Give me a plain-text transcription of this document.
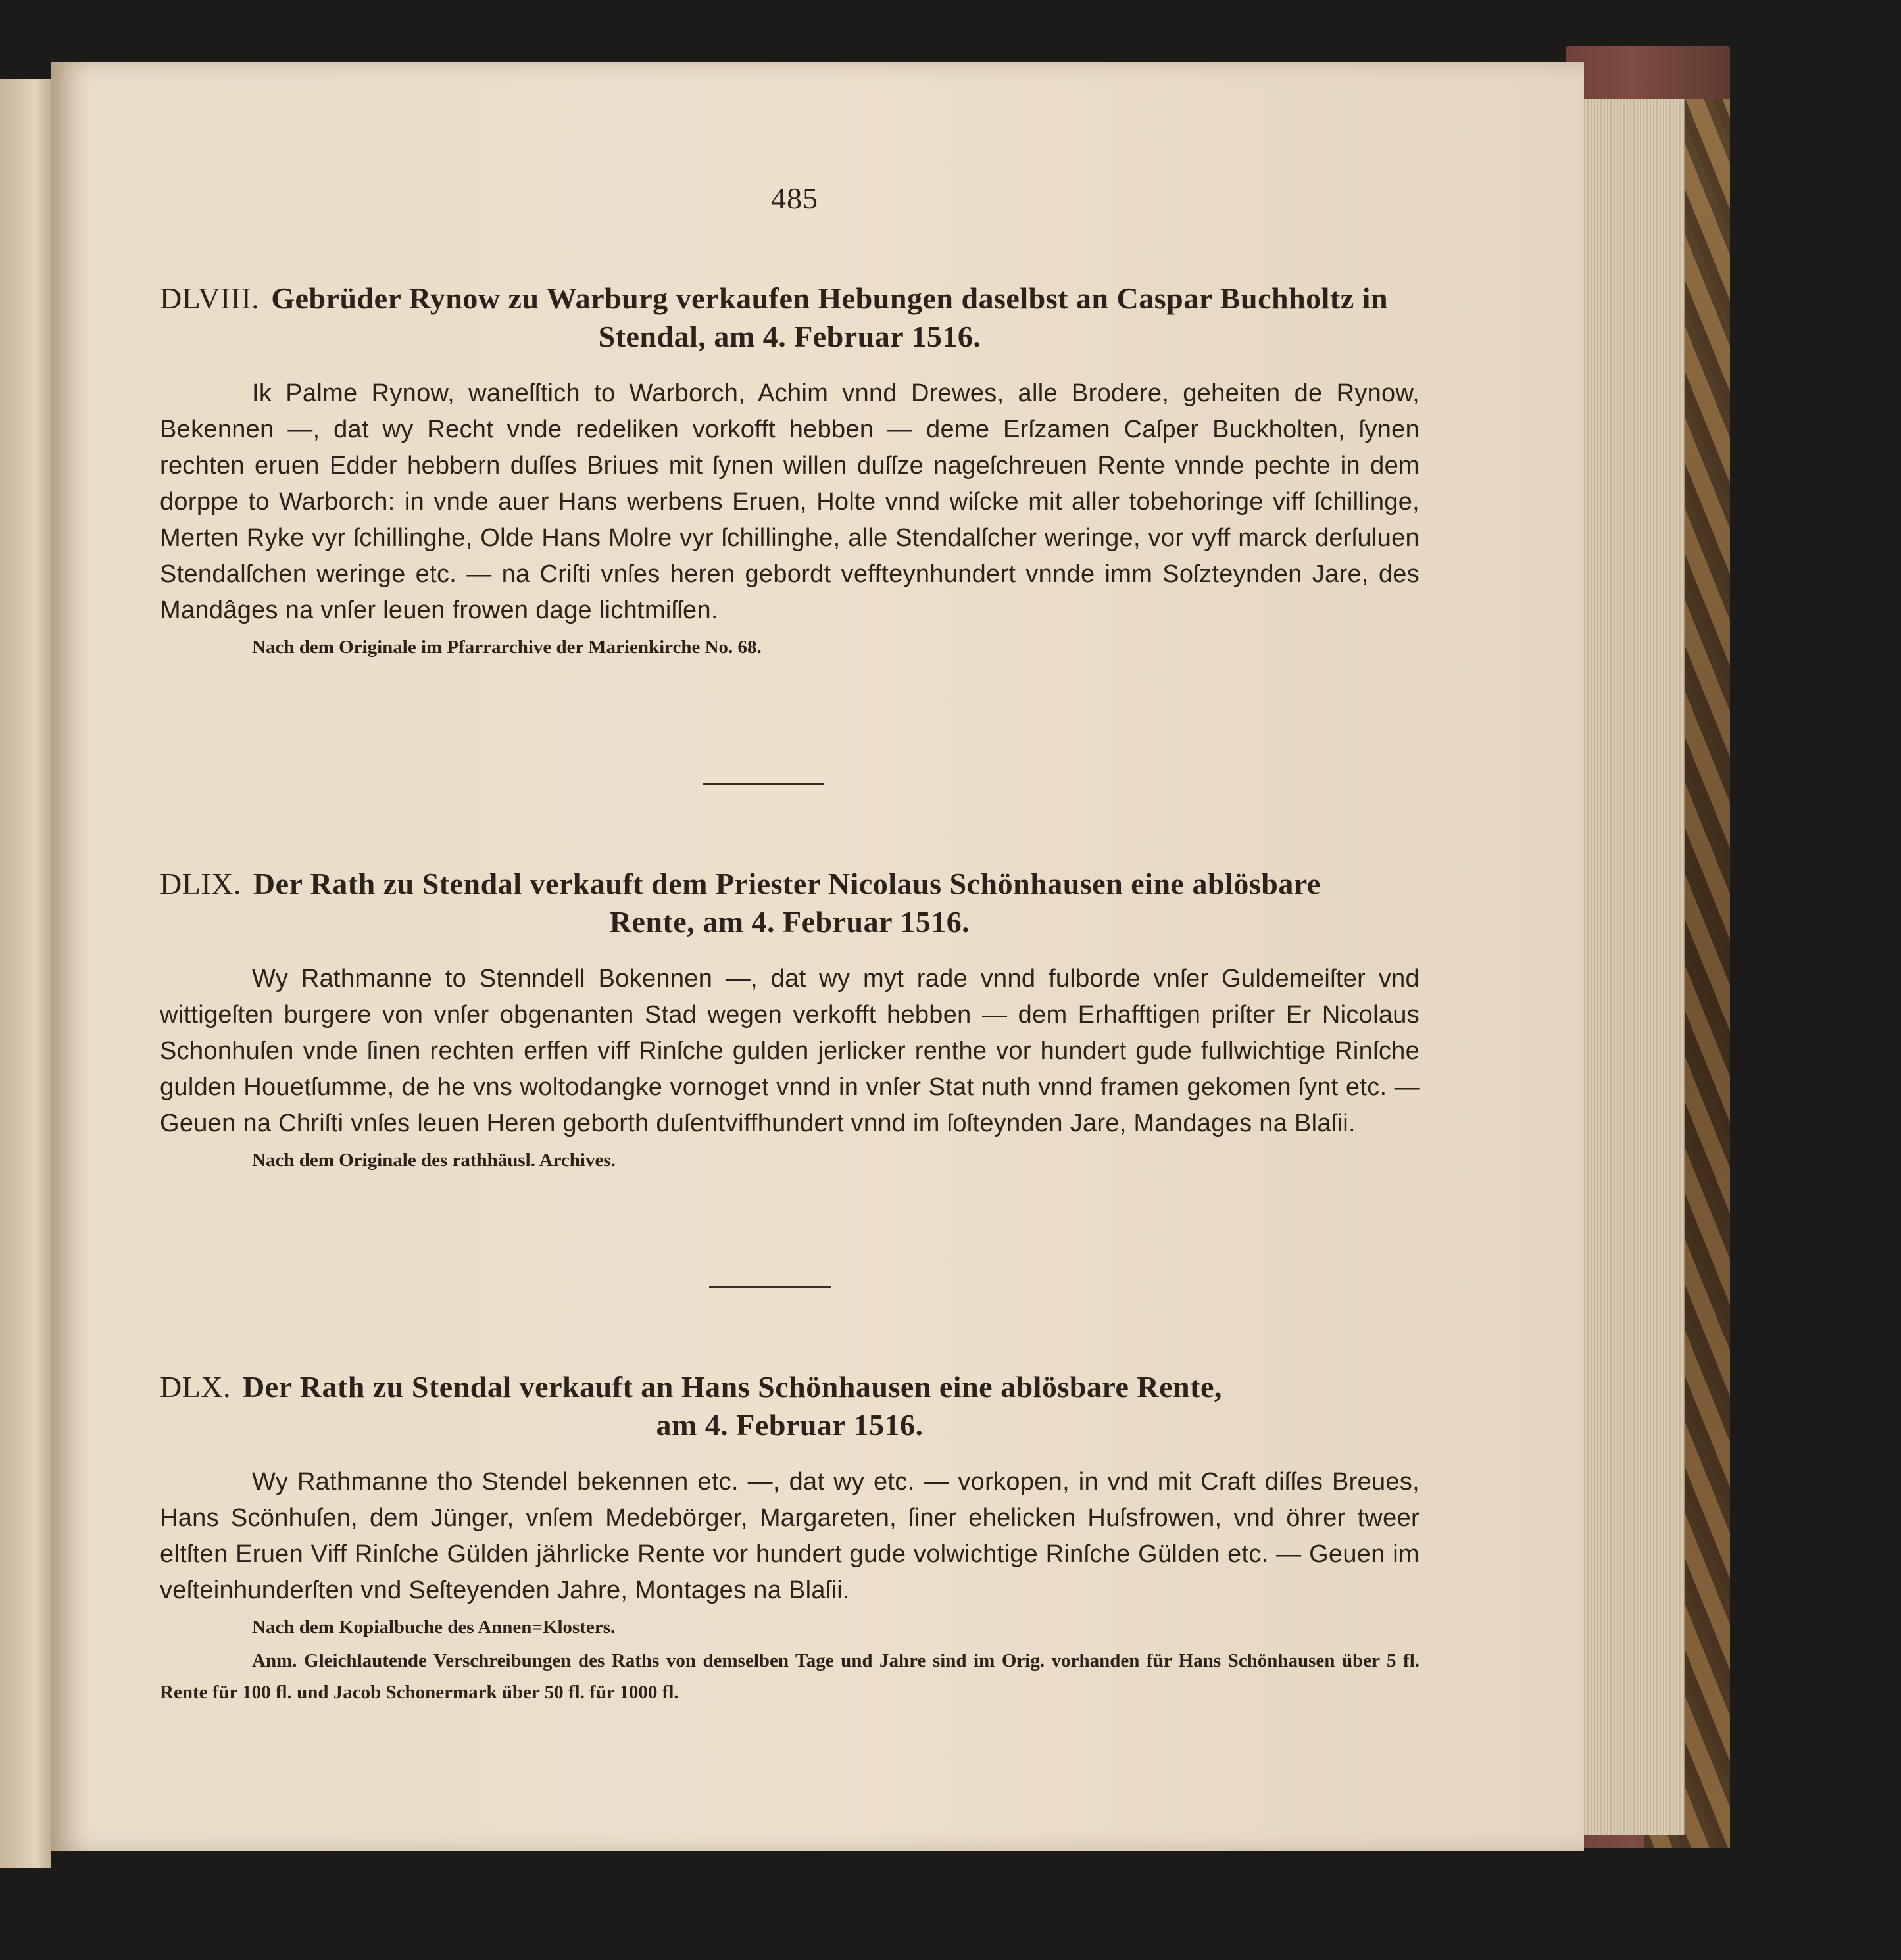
485
DLVIII. Gebrüder Rynow zu Warburg verkaufen Hebungen daselbst an Caspar Buchholtz in
Stendal, am 4. Februar 1516.
Ik Palme Rynow, waneſſtich to Warborch, Achim vnnd Drewes, alle Brodere, geheiten de Rynow, Bekennen —, dat wy Recht vnde redeliken vorkofft hebben — deme Erſzamen Caſper Buckholten, ſynen rechten eruen Edder hebbern duſſes Briues mit ſynen willen duſſze nageſchreuen Rente vnnde pechte in dem dorppe to Warborch: in vnde auer Hans werbens Eruen, Holte vnnd wiſcke mit aller tobehoringe viff ſchillinge, Merten Ryke vyr ſchillinghe, Olde Hans Molre vyr ſchillinghe, alle Stendalſcher weringe, vor vyff marck derſuluen Stendalſchen weringe etc. — na Criſti vnſes heren gebordt veffteynhundert vnnde imm Soſzteynden Jare, des Mandâges na vnſer leuen frowen dage lichtmiſſen.
Nach dem Originale im Pfarrarchive der Marienkirche No. 68.
DLIX. Der Rath zu Stendal verkauft dem Priester Nicolaus Schönhausen eine ablösbare
Rente, am 4. Februar 1516.
Wy Rathmanne to Stenndell Bokennen —, dat wy myt rade vnnd fulborde vnſer Guldemeiſter vnd wittigeſten burgere von vnſer obgenanten Stad wegen verkofft hebben — dem Erhafftigen priſter Er Nicolaus Schonhuſen vnde ſinen rechten erffen viff Rinſche gulden jerlicker renthe vor hundert gude fullwichtige Rinſche gulden Houetſumme, de he vns woltodangke vornoget vnnd in vnſer Stat nuth vnnd framen gekomen ſynt etc. — Geuen na Chriſti vnſes leuen Heren geborth duſentviffhundert vnnd im ſoſteynden Jare, Mandages na Blaſii.
Nach dem Originale des rathhäusl. Archives.
DLX. Der Rath zu Stendal verkauft an Hans Schönhausen eine ablösbare Rente,
am 4. Februar 1516.
Wy Rathmanne tho Stendel bekennen etc. —, dat wy etc. — vorkopen, in vnd mit Craft diſſes Breues, Hans Scönhuſen, dem Jünger, vnſem Medebörger, Margareten, ſiner ehelicken Huſsfrowen, vnd öhrer tweer eltſten Eruen Viff Rinſche Gülden jährlicke Rente vor hundert gude volwichtige Rinſche Gülden etc. — Geuen im veſteinhunderſten vnd Seſteyenden Jahre, Montages na Blaſii.
Nach dem Kopialbuche des Annen=Klosters.
Anm. Gleichlautende Verschreibungen des Raths von demselben Tage und Jahre sind im Orig. vorhanden für Hans Schönhausen über 5 fl. Rente für 100 fl. und Jacob Schonermark über 50 fl. für 1000 fl.
